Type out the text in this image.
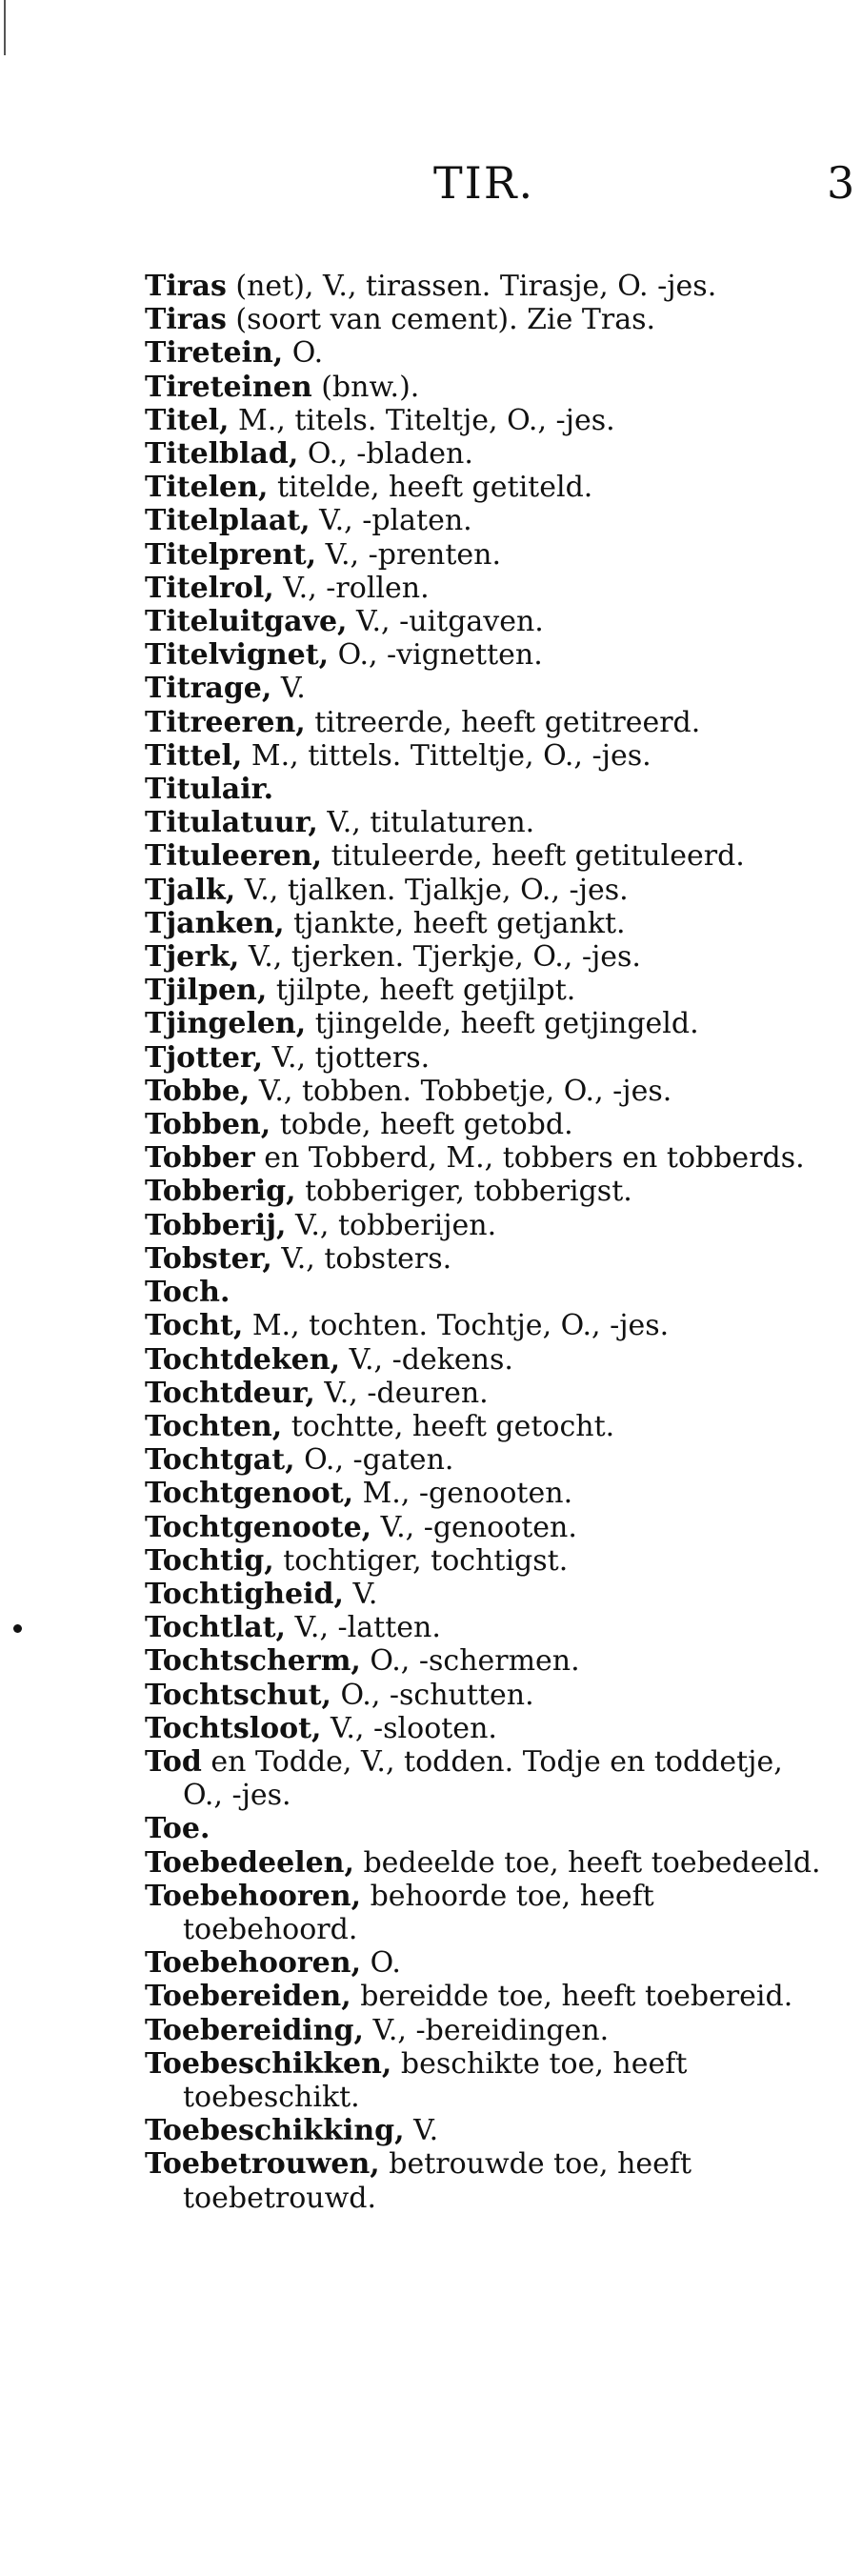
TIR.	3

Tiras (net), V., tirassen. Tirasje, O. -jes.

Tiras (soort van cement). Zie Tras.

Tiretein, O.

Tireteinen (bnw.).

Titel, M., titels. Titeltje, O., -jes.

Titelblad, O., -bladen.

Titelen, titelde, heeft getiteld.

Titelplaat, V., -platen.

Titelprent, V., -prenten.

Titelrol, V., -rollen.

Titeluitgave, V., -uitgaven.

Titelvignet, O., -vignetten.

Titrage, V.

Titreeren, titreerde, heeft getitreerd.

Tittel, M., tittels. Titteltje, O., -jes.

Titulair.

Titulatuur, V., titulaturen.

Tituleeren, tituleerde, heeft getituleerd.

Tjalk, V., tjalken. Tjalkje, O., -jes.

Tjanken, tjankte, heeft getjankt.

Tjerk, V., tjerken. Tjerkje, O., -jes.

Tjilpen, tjilpte, heeft getjilpt.

Tjingelen, tjingelde, heeft getjingeld.

Tjotter, V., tjotters.

Tobbe, V., tobben. Tobbetje, O., -jes.

Tobben, tobde, heeft getobd.

Tobber en Tobberd, M., tobbers en tobberds.

Tobberig, tobberiger, tobberigst.

Tobberij, V., tobberijen.

Tobster, V., tobsters.

Toch.

Tocht, M., tochten. Tochtje, O., -jes.

Tochtdeken, V., -dekens.

Tochtdeur, V., -deuren.

Tochten, tochtte, heeft getocht.

Tochtgat, O., -gaten.

Tochtgenoot, M., -genooten.

Tochtgenoote, V., -genooten.

Tochtig, tochtiger, tochtigst.

Tochtigheid, V.

Tochtlat, V., -latten.

Tochtscherm, O., -schermen.

Tochtschut, O., -schutten.

Tochtsloot, V., -slooten.

Tod en Todde, V., todden. Todje en toddetje, O., -jes.

Toe.

Toebedeelen, bedeelde toe, heeft toebedeeld.

Toebehooren, behoorde toe, heeft toebehoord.

Toebehooren, O.

Toebereiden, bereidde toe, heeft toebereid.

Toebereiding, V., -bereidingen.

Toebeschikken, beschikte toe, heeft toebeschikt.

Toebeschikking, V.

Toebetrouwen, betrouwde toe, heeft toebetrouwd.
